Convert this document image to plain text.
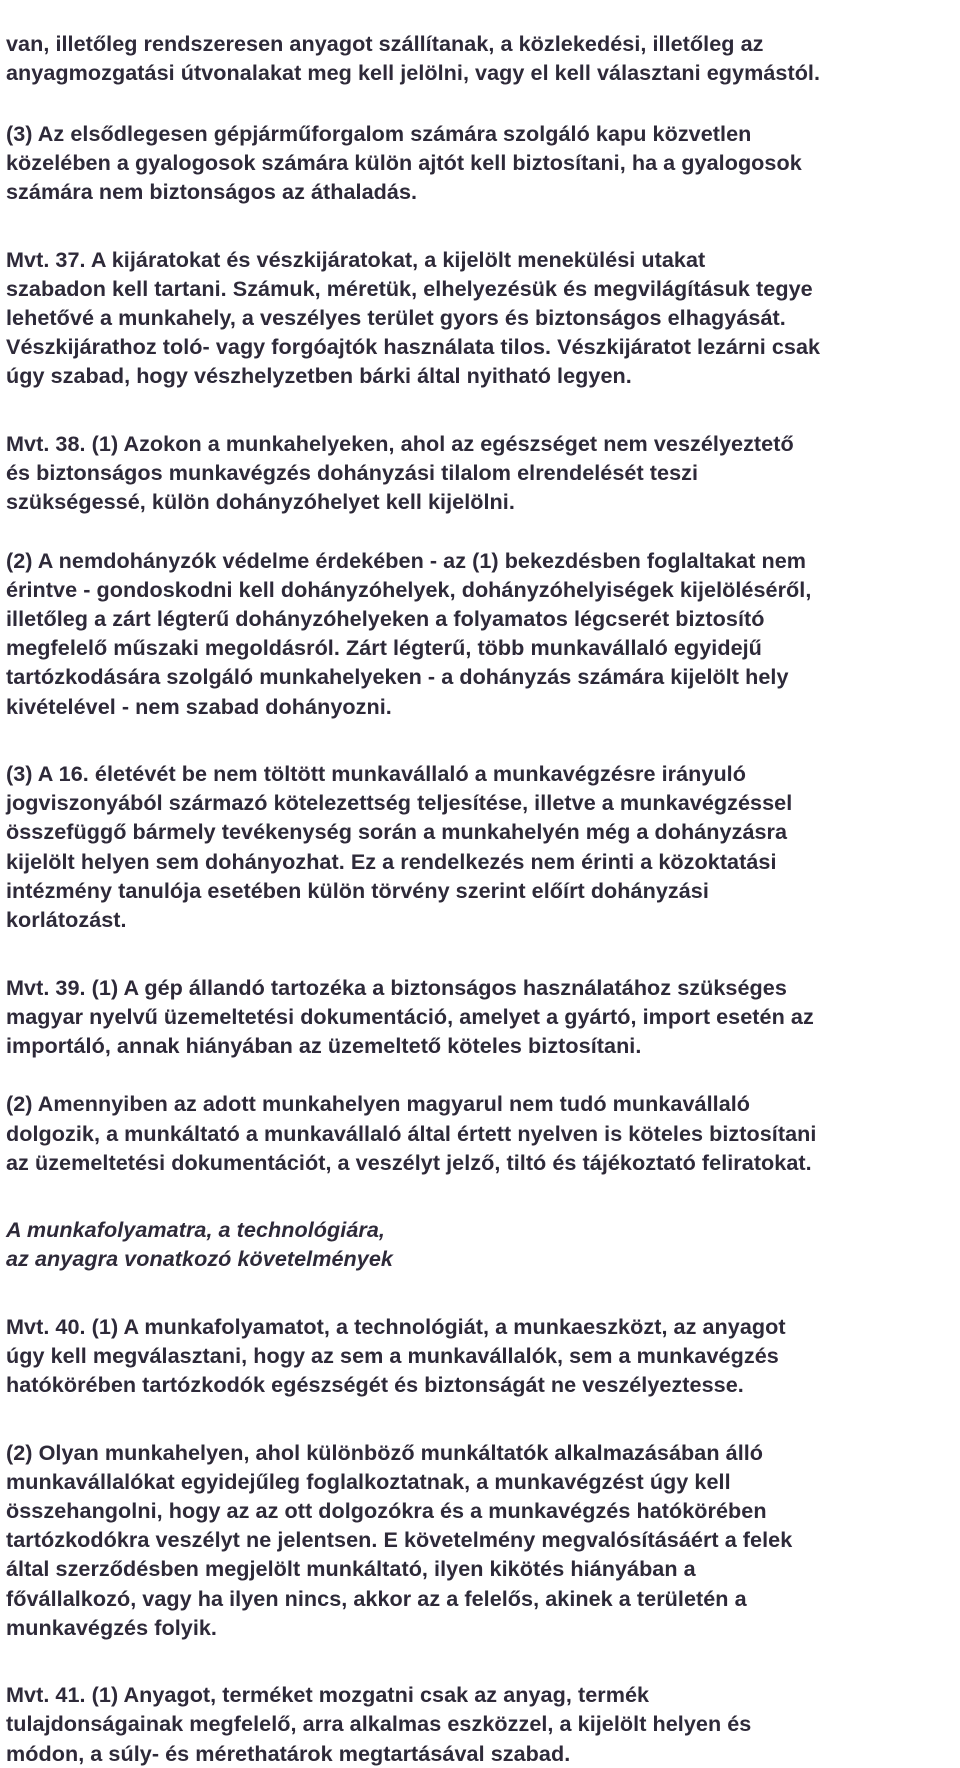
van, illetőleg rendszeresen anyagot szállítanak, a közlekedési, illetőleg az
anyagmozgatási útvonalakat meg kell jelölni, vagy el kell választani egymástól.

(3) Az elsődlegesen gépjárműforgalom számára szolgáló kapu közvetlen
közelében a gyalogosok számára külön ajtót kell biztosítani, ha a gyalogosok
számára nem biztonságos az áthaladás.

Mvt. 37. A kijáratokat és vészkijáratokat, a kijelölt menekülési utakat
szabadon kell tartani. Számuk, méretük, elhelyezésük és megvilágításuk tegye
lehetővé a munkahely, a veszélyes terület gyors és biztonságos elhagyását.
Vészkijárathoz toló- vagy forgóajtók használata tilos. Vészkijáratot lezárni csak
úgy szabad, hogy vészhelyzetben bárki által nyitható legyen.

Mvt. 38. (1) Azokon a munkahelyeken, ahol az egészséget nem veszélyeztető
és biztonságos munkavégzés dohányzási tilalom elrendelését teszi
szükségessé, külön dohányzóhelyet kell kijelölni.

(2) A nemdohányzók védelme érdekében - az (1) bekezdésben foglaltakat nem
érintve - gondoskodni kell dohányzóhelyek, dohányzóhelyiségek kijelöléséről,
illetőleg a zárt légterű dohányzóhelyeken a folyamatos légcserét biztosító
megfelelő műszaki megoldásról. Zárt légterű, több munkavállaló egyidejű
tartózkodására szolgáló munkahelyeken - a dohányzás számára kijelölt hely
kivételével - nem szabad dohányozni.

(3) A 16. életévét be nem töltött munkavállaló a munkavégzésre irányuló
jogviszonyából származó kötelezettség teljesítése, illetve a munkavégzéssel
összefüggő bármely tevékenység során a munkahelyén még a dohányzásra
kijelölt helyen sem dohányozhat. Ez a rendelkezés nem érinti a közoktatási
intézmény tanulója esetében külön törvény szerint előírt dohányzási
korlátozást.

Mvt. 39. (1) A gép állandó tartozéka a biztonságos használatához szükséges
magyar nyelvű üzemeltetési dokumentáció, amelyet a gyártó, import esetén az
importáló, annak hiányában az üzemeltető köteles biztosítani.

(2) Amennyiben az adott munkahelyen magyarul nem tudó munkavállaló
dolgozik, a munkáltató a munkavállaló által értett nyelven is köteles biztosítani
az üzemeltetési dokumentációt, a veszélyt jelző, tiltó és tájékoztató feliratokat.

A munkafolyamatra, a technológiára,
az anyagra vonatkozó követelmények

Mvt. 40. (1) A munkafolyamatot, a technológiát, a munkaeszközt, az anyagot
úgy kell megválasztani, hogy az sem a munkavállalók, sem a munkavégzés
hatókörében tartózkodók egészségét és biztonságát ne veszélyeztesse.

(2) Olyan munkahelyen, ahol különböző munkáltatók alkalmazásában álló
munkavállalókat egyidejűleg foglalkoztatnak, a munkavégzést úgy kell
összehangolni, hogy az az ott dolgozókra és a munkavégzés hatókörében
tartózkodókra veszélyt ne jelentsen. E követelmény megvalósításáért a felek
által szerződésben megjelölt munkáltató, ilyen kikötés hiányában a
fővállalkozó, vagy ha ilyen nincs, akkor az a felelős, akinek a területén a
munkavégzés folyik.

Mvt. 41. (1) Anyagot, terméket mozgatni csak az anyag, termék
tulajdonságainak megfelelő, arra alkalmas eszközzel, a kijelölt helyen és
módon, a súly- és mérethatárok megtartásával szabad.
